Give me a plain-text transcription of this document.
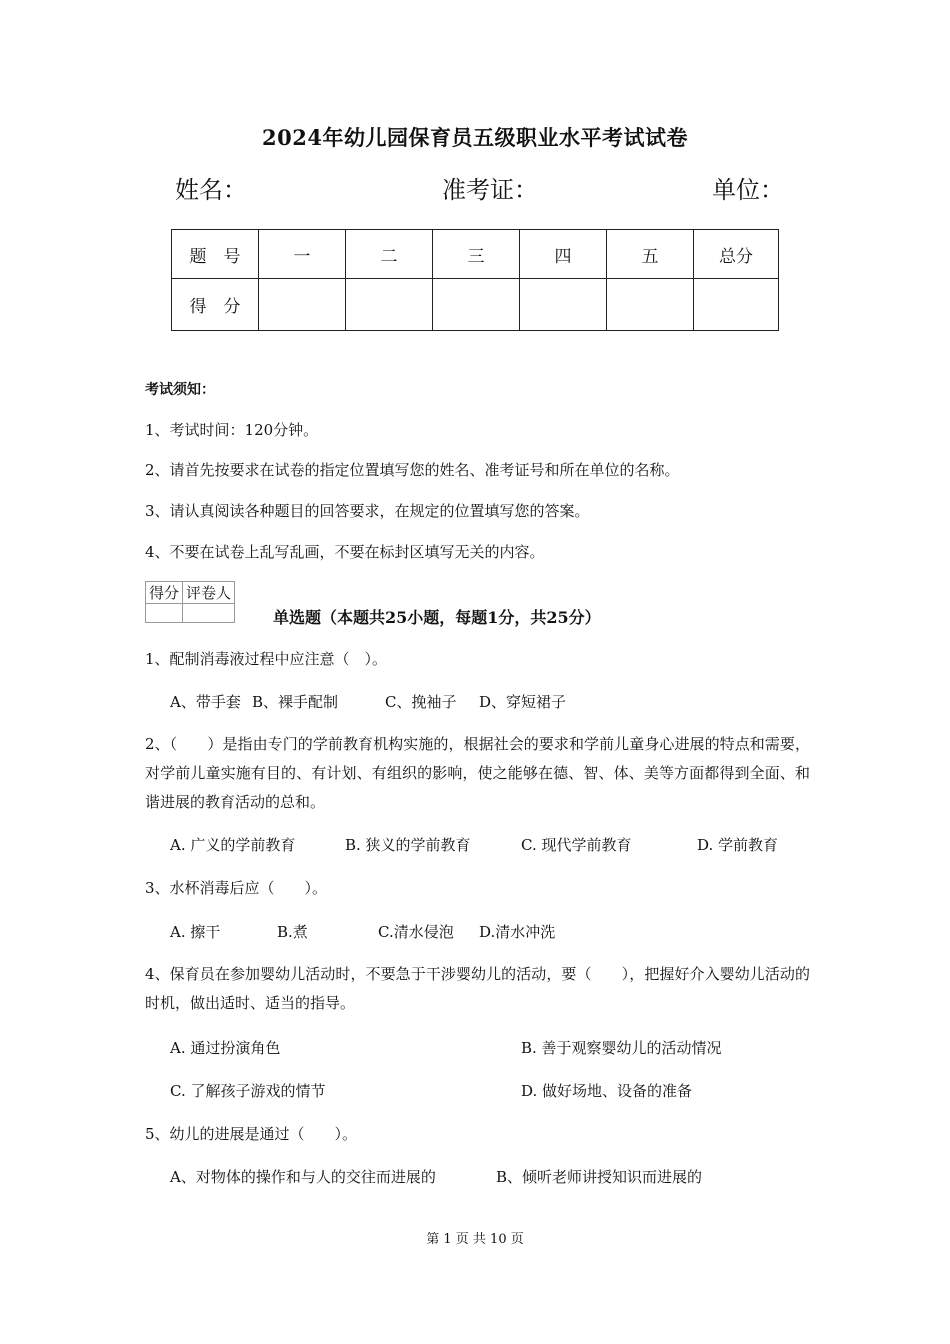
2024年幼儿园保育员五级职业水平考试试卷
姓名：	准考证：	单位：
题　号	一	二	三	四	五	总分
得　分						
考试须知：
1、考试时间：120分钟。
2、请首先按要求在试卷的指定位置填写您的姓名、准考证号和所在单位的名称。
3、请认真阅读各种题目的回答要求，在规定的位置填写您的答案。
4、不要在试卷上乱写乱画，不要在标封区填写无关的内容。
得分	评卷人

单选题（本题共25小题，每题1分，共25分）
1、配制消毒液过程中应注意（　）。
A、带手套 B、裸手配制	C、挽袖子 D、穿短裙子
2、（　　）是指由专门的学前教育机构实施的，根据社会的要求和学前儿童身心进展的特点和需要，对学前儿童实施有目的、有计划、有组织的影响，使之能够在德、智、体、美等方面都得到全面、和谐进展的教育活动的总和。
A. 广义的学前教育	B. 狭义的学前教育	C. 现代学前教育	D. 学前教育
3、水杯消毒后应（　　）。
A. 擦干	B.煮	C.清水侵泡 D.清水冲洗
4、保育员在参加婴幼儿活动时，不要急于干涉婴幼儿的活动，要（　　），把握好介入婴幼儿活动的时机，做出适时、适当的指导。
A. 通过扮演角色	B. 善于观察婴幼儿的活动情况
C. 了解孩子游戏的情节	D. 做好场地、设备的准备
5、幼儿的进展是通过（　　）。
A、对物体的操作和与人的交往而进展的	B、倾听老师讲授知识而进展的
第 1 页 共 10 页
